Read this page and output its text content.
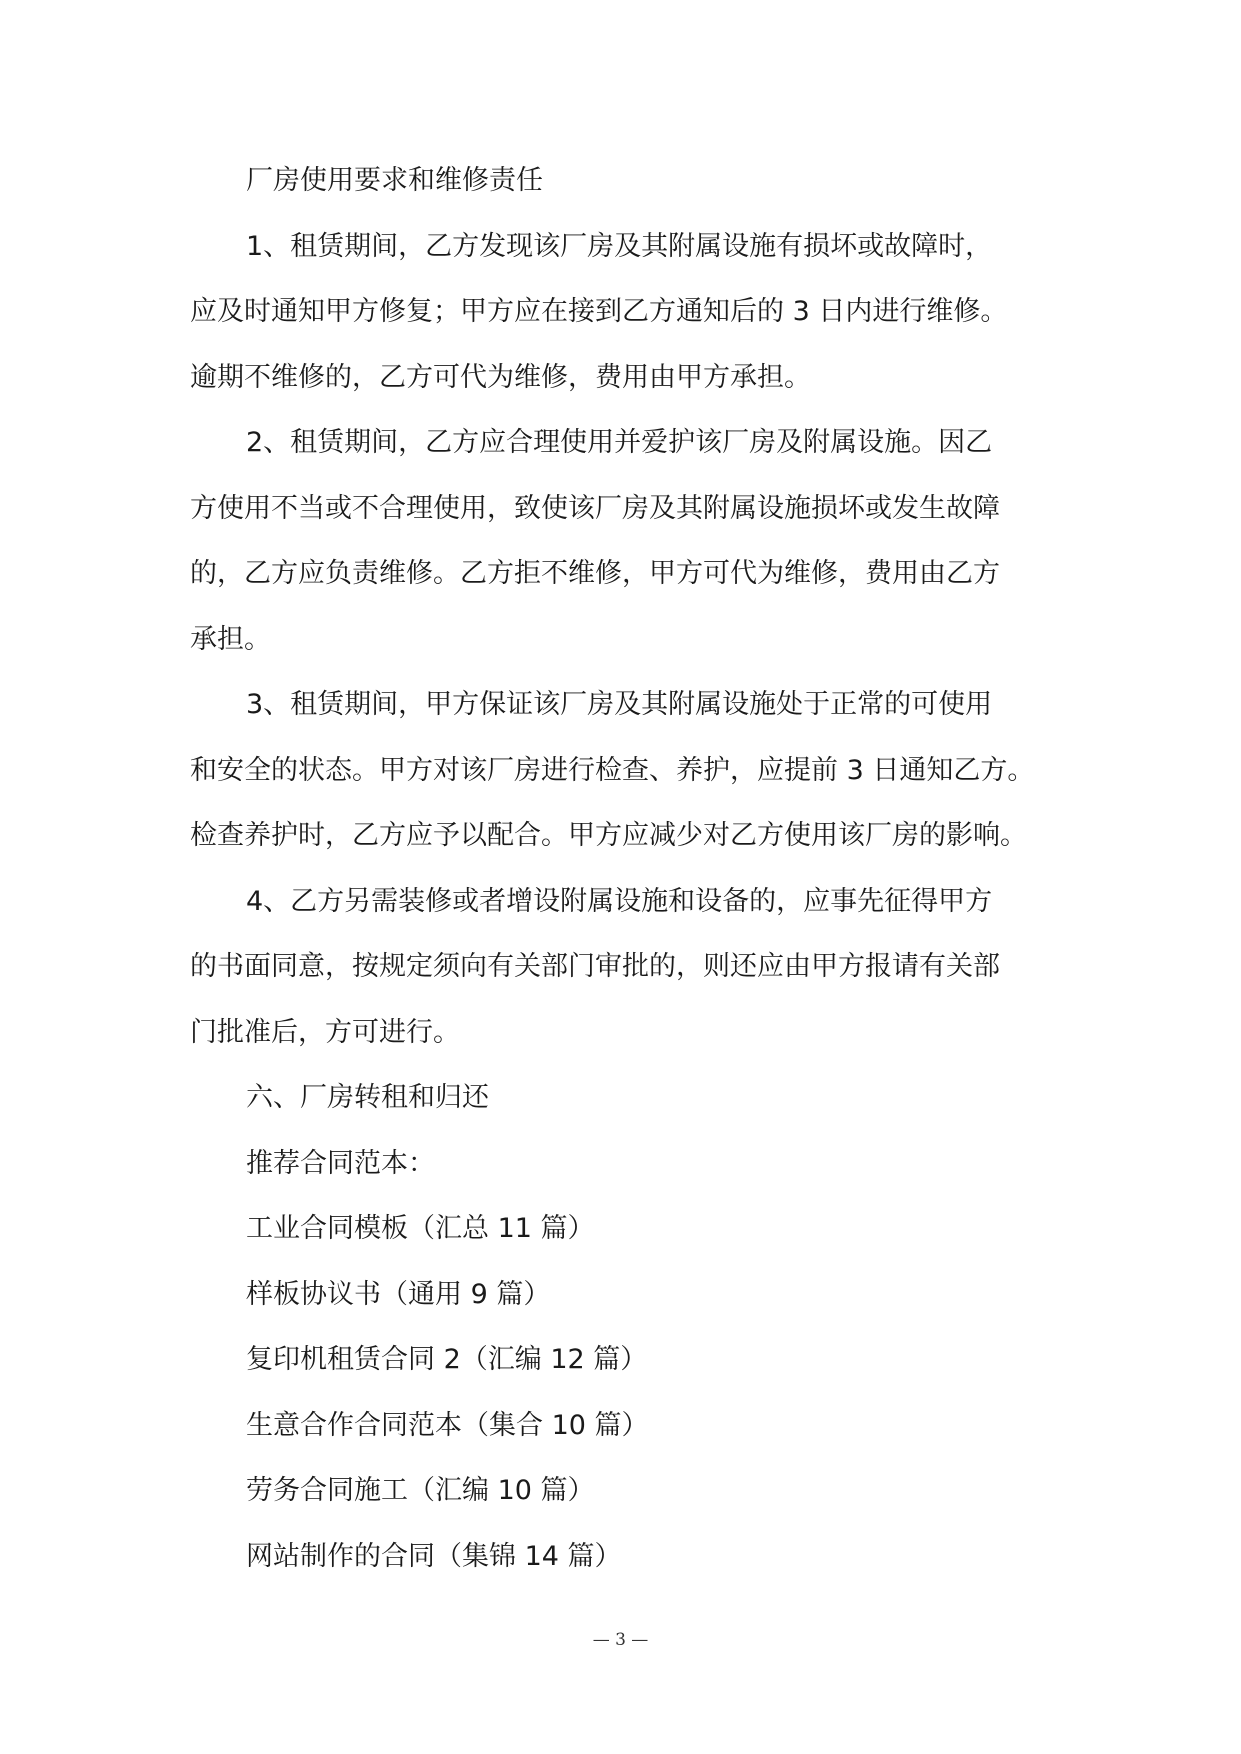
厂房使用要求和维修责任
1、租赁期间，乙方发现该厂房及其附属设施有损坏或故障时，
应及时通知甲方修复；甲方应在接到乙方通知后的 3 日内进行维修。
逾期不维修的，乙方可代为维修，费用由甲方承担。
2、租赁期间，乙方应合理使用并爱护该厂房及附属设施。因乙
方使用不当或不合理使用，致使该厂房及其附属设施损坏或发生故障
的，乙方应负责维修。乙方拒不维修，甲方可代为维修，费用由乙方
承担。
3、租赁期间，甲方保证该厂房及其附属设施处于正常的可使用
和安全的状态。甲方对该厂房进行检查、养护，应提前 3 日通知乙方。
检查养护时，乙方应予以配合。甲方应减少对乙方使用该厂房的影响。
4、乙方另需装修或者增设附属设施和设备的，应事先征得甲方
的书面同意，按规定须向有关部门审批的，则还应由甲方报请有关部
门批准后，方可进行。
六、厂房转租和归还
推荐合同范本：
工业合同模板（汇总 11 篇）
样板协议书（通用 9 篇）
复印机租赁合同 2（汇编 12 篇）
生意合作合同范本（集合 10 篇）
劳务合同施工（汇编 10 篇）
网站制作的合同（集锦 14 篇）
— 3 —
